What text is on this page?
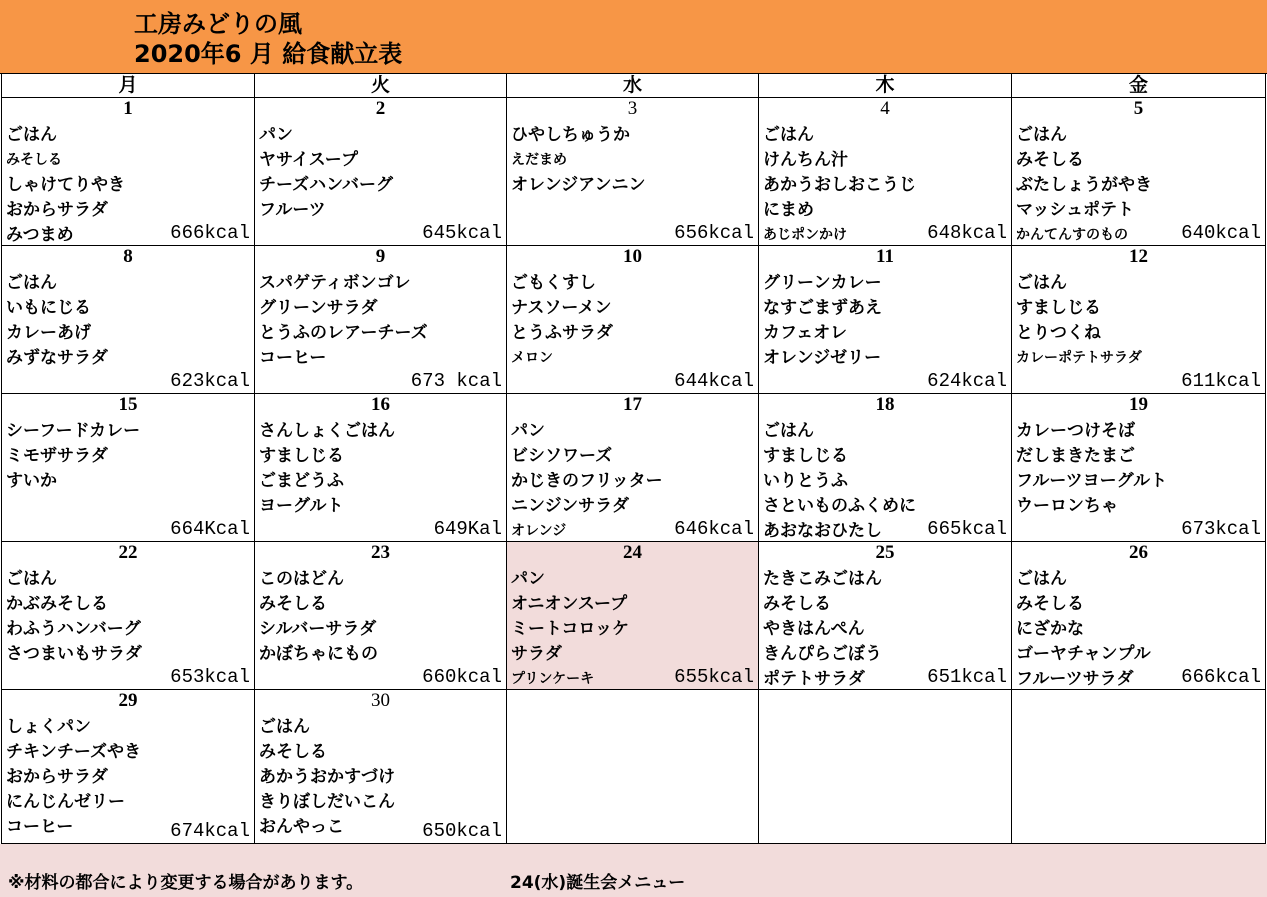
工房みどりの風
2020年6 月 給食献立表
月	火	水	木	金
1
ごはん
みそしる
しゃけてりやき
おからサラダ
みつまめ	666kcal
2
パン
ヤサイスープ
チーズハンバーグ
フルーツ
645kcal
3
ひやしちゅうか
えだまめ
オレンジアンニン
656kcal
4
ごはん
けんちん汁
あかうおしおこうじ
にまめ
あじポンかけ	648kcal
5
ごはん
みそしる
ぶたしょうがやき
マッシュポテト
かんてんすのもの	640kcal
8
ごはん
いもにじる
カレーあげ
みずなサラダ
623kcal
9
スパゲティボンゴレ
グリーンサラダ
とうふのレアーチーズ
コーヒー
673 kcal
10
ごもくすし
ナスソーメン
とうふサラダ
メロン
644kcal
11
グリーンカレー
なすごまずあえ
カフェオレ
オレンジゼリー
624kcal
12
ごはん
すましじる
とりつくね
カレーポテトサラダ
611kcal
15
シーフードカレー
ミモザサラダ
すいか
664Kcal
16
さんしょくごはん
すましじる
ごまどうふ
ヨーグルト
649Kal
17
パン
ビシソワーズ
かじきのフリッター
ニンジンサラダ
オレンジ	646kcal
18
ごはん
すましじる
いりとうふ
さといものふくめに
あおなおひたし	665kcal
19
カレーつけそば
だしまきたまご
フルーツヨーグルト
ウーロンちゃ
673kcal
22
ごはん
かぶみそしる
わふうハンバーグ
さつまいもサラダ
653kcal
23
このはどん
みそしる
シルバーサラダ
かぼちゃにもの
660kcal
24
パン
オニオンスープ
ミートコロッケ
サラダ
プリンケーキ	655kcal
25
たきこみごはん
みそしる
やきはんぺん
きんぴらごぼう
ポテトサラダ	651kcal
26
ごはん
みそしる
にざかな
ゴーヤチャンプル
フルーツサラダ	666kcal
29
しょくパン
チキンチーズやき
おからサラダ
にんじんゼリー
コーヒー	674kcal
30
ごはん
みそしる
あかうおかすづけ
きりぼしだいこん
おんやっこ	650kcal
※材料の都合により変更する場合があります。	24(水)誕生会メニュー
